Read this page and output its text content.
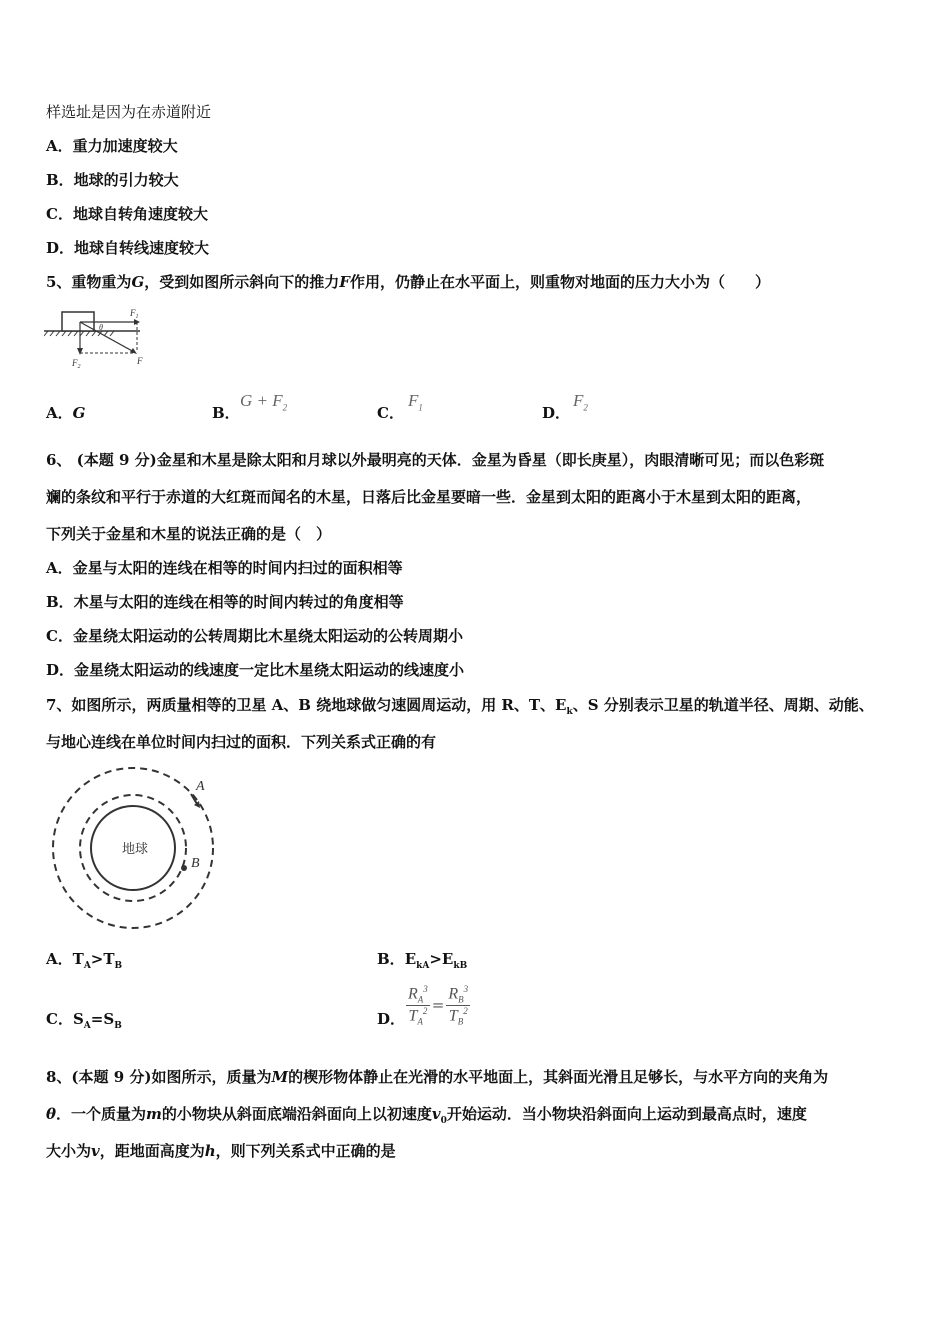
样选址是因为在赤道附近
A．重力加速度较大
B．地球的引力较大
C．地球自转角速度较大
D．地球自转线速度较大
5、重物重为G，受到如图所示斜向下的推力F作用，仍静止在水平面上，则重物对地面的压力大小为（　　）
$F_1$
θ
F
$F_2$
A．G	B．
$G + F_2$	C．
$F_1$	D．
$F_2$
6、 (本题 9 分)金星和木星是除太阳和月球以外最明亮的天体．金星为昏星（即长庚星），肉眼清晰可见；而以色彩斑
斓的条纹和平行于赤道的大红斑而闻名的木星，日落后比金星要暗一些．金星到太阳的距离小于木星到太阳的距离，
下列关于金星和木星的说法正确的是（　）
A．金星与太阳的连线在相等的时间内扫过的面积相等
B．木星与太阳的连线在相等的时间内转过的角度相等
C．金星绕太阳运动的公转周期比木星绕太阳运动的公转周期小
D．金星绕太阳运动的线速度一定比木星绕太阳运动的线速度小
7、如图所示，两质量相等的卫星 A、B 绕地球做匀速圆周运动，用 R、T、$E_k$、S 分别表示卫星的轨道半径、周期、动能、
与地心连线在单位时间内扫过的面积．下列关系式正确的有
地球
A
B
A．$T_A>T_B$	B．$E_{kA}>E_{kB}$
C．$S_A=S_B$	D． $\frac{R_A^3}{T_A^2} = \frac{R_B^3}{T_B^2}$
8、(本题 9 分)如图所示，质量为M的楔形物体静止在光滑的水平地面上，其斜面光滑且足够长，与水平方向的夹角为
θ．一个质量为m的小物块从斜面底端沿斜面向上以初速度$v_0$开始运动．当小物块沿斜面向上运动到最高点时，速度
大小为v，距地面高度为h，则下列关系式中正确的是
